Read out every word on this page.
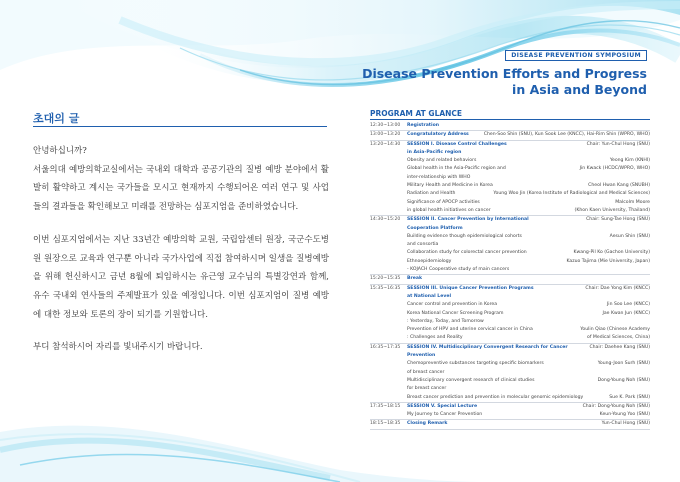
초대의 글

안녕하십니까?
서울의대 예방의학교실에서는 국내외 대학과 공공기관의 질병 예방 분야에서 활발히 활약하고 계시는 국가들을 모시고 현재까지 수행되어온 여러 연구 및 사업들의 결과들을 확인해보고 미래를 전망하는 심포지엄을 준비하였습니다.

이번 심포지엄에서는 지난 33년간 예방의학 교원, 국립암센터 원장, 국군수도병원 원장으로 교육과 연구뿐 아니라 국가사업에 직접 참여하시며 일생을 질병예방을 위해 헌신하시고 금년 8월에 퇴임하시는 유근영 교수님의 특별강연과 함께, 유수 국내외 연사들의 주제발표가 있을 예정입니다. 이번 심포지엄이 질병 예방에 대한 정보와 토론의 장이 되기를 기원합니다.

부디 참석하시어 자리를 빛내주시기 바랍니다.

DISEASE PREVENTION SYMPOSIUM
Disease Prevention Efforts and Progress
in Asia and Beyond
PROGRAM AT GLANCE
12:30~13:00	Registration
13:00~13:20	Congratulatory Address	Chen-Soo Shin (SNU), Kun Sook Lee (KNCC), Hai-Rim Shin (WPRO, WHO)
13:20~14:30	SESSION I. Disease Control Challenges	Chair: Yun-Chul Hong (SNU)
in Asia-Pacific region
Obesity and related behaviors	Yeong Kim (KNHI)
Global health in the Asia-Pacific region and	Jin Kwack (HCDC/WPRO, WHO)
inter-relationship with WHO
Military Health and Medicine in Korea	Cheol Hwan Kang (SNUBH)
Radiation and Health	Young Woo Jin (Korea Institute of Radiological and Medical Sciences)
Significance of APOCP activities	Malcolm Moore
in global health initiatives on cancer	(Khon Kaen University, Thailand)
14:30~15:20	SESSION II. Cancer Prevention by International	Chair: Sung-Tae Hong (SNU)
Cooperation Platform
Building evidence though epidemiological cohorts	Aesun Shin (SNU)
and consortia
Collaboration study for colorectal cancer prevention	Kwang-Pil Ko (Gachon University)
Ethnoepidemiology	Kazuo Tajima (Mie University, Japan)
- KOJACH Cooperative study of main cancers
15:20~15:35	Break
15:35~16:35	SESSION III. Unique Cancer Prevention Programs	Chair: Dae Yong Kim (KNCC)
at National Level
Cancer control and prevention in Korea	Jin Soo Lee (KNCC)
Korea National Cancer Screening Program	Jae Kwan Jun (KNCC)
: Yesterday, Today, and Tomorrow
Prevention of HPV and uterine cervical cancer in China	Youlin Qiao (Chinese Academy
: Challenges and Reality	of Medical Sciences, China)
16:35~17:35	SESSION IV. Multidisciplinary Convergent Research for Cancer	Chair: Daehee Kang (SNU)
Prevention
Chemopreventive substances targeting specific biomarkers	Young-Joon Surh (SNU)
of breast cancer
Multidisciplinary convergent research of clinical studies	Dong-Young Noh (SNU)
for breast cancer
Breast cancer prediction and prevention in molecular genomic epidemiology	Sue K. Park (SNU)
17:35~18:15	SESSION V. Special Lecture	Chair: Dong-Young Noh (SNU)
My Journey to Cancer Prevention	Keun-Young Yoo (SNU)
18:15~18:35	Closing Remark	Yun-Chul Hong (SNU)
